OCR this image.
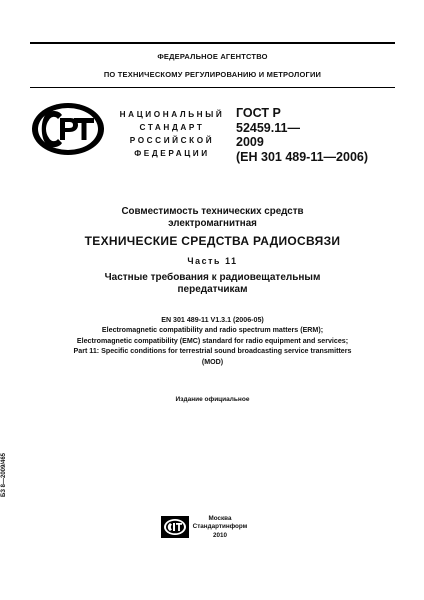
ФЕДЕРАЛЬНОЕ АГЕНТСТВО
ПО ТЕХНИЧЕСКОМУ РЕГУЛИРОВАНИЮ И МЕТРОЛОГИИ
НАЦИОНАЛЬНЫЙ
СТАНДАРТ
РОССИЙСКОЙ
ФЕДЕРАЦИИ
ГОСТ Р
52459.11—
2009
(ЕН 301 489-11—2006)
Совместимость технических средств
электромагнитная
ТЕХНИЧЕСКИЕ СРЕДСТВА РАДИОСВЯЗИ
Часть 11
Частные требования к радиовещательным
передатчикам
EN 301 489-11 V1.3.1 (2006-05)
Electromagnetic compatibility and radio spectrum matters (ERM);
Electromagnetic compatibility (EMC) standard for radio equipment and services;
Part 11: Specific conditions for terrestrial sound broadcasting service transmitters
(MOD)
Издание официальное
БЗ 8—2009/465
Москва
Стандартинформ
2010
